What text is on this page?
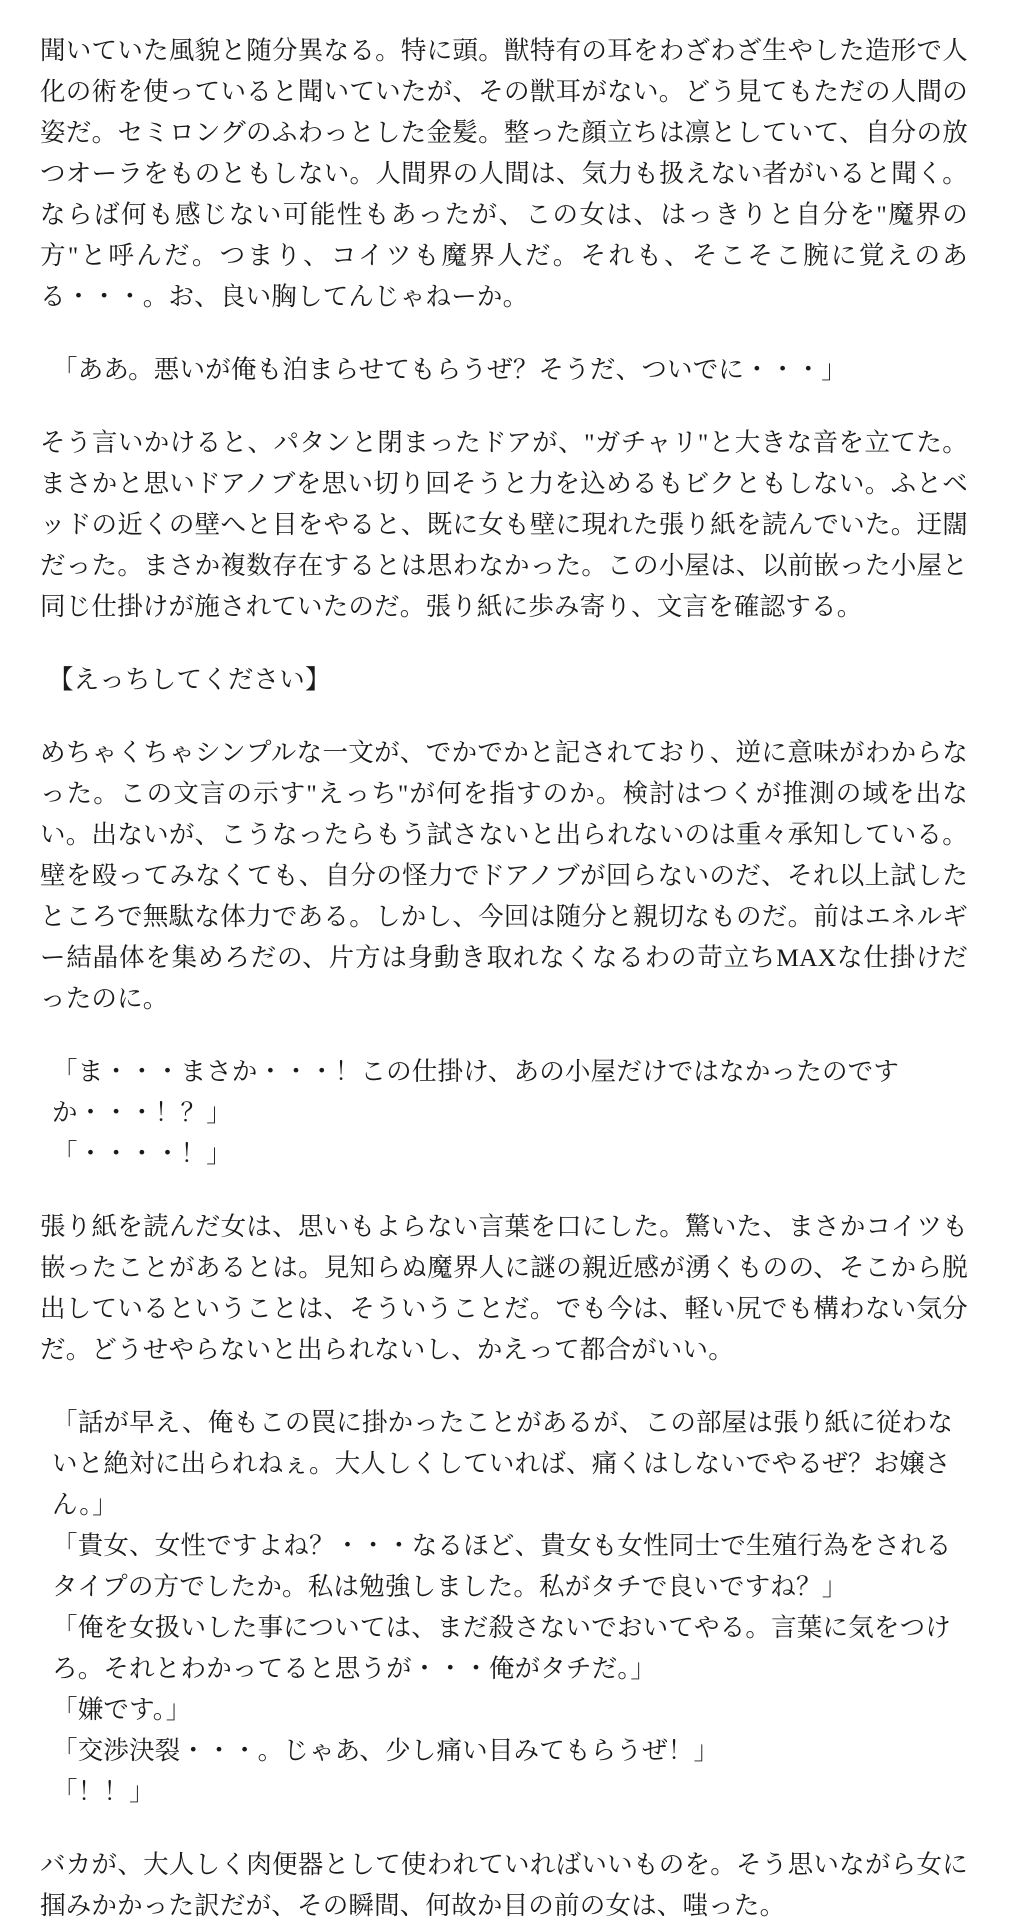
聞いていた風貌と随分異なる。特に頭。獣特有の耳をわざわざ生やした造形で人化の術を使っていると聞いていたが、その獣耳がない。どう見てもただの人間の姿だ。セミロングのふわっとした金髪。整った顔立ちは凛としていて、自分の放つオーラをものともしない。人間界の人間は、気力も扱えない者がいると聞く。ならば何も感じない可能性もあったが、この女は、はっきりと自分を"魔界の方"と呼んだ。つまり、コイツも魔界人だ。それも、そこそこ腕に覚えのある・・・。お、良い胸してんじゃねーか。

「ああ。悪いが俺も泊まらせてもらうぜ？そうだ、ついでに・・・」

そう言いかけると、パタンと閉まったドアが、"ガチャリ"と大きな音を立てた。まさかと思いドアノブを思い切り回そうと力を込めるもビクともしない。ふとベッドの近くの壁へと目をやると、既に女も壁に現れた張り紙を読んでいた。迂闊だった。まさか複数存在するとは思わなかった。この小屋は、以前嵌った小屋と同じ仕掛けが施されていたのだ。張り紙に歩み寄り、文言を確認する。

【えっちしてください】

めちゃくちゃシンプルな一文が、でかでかと記されており、逆に意味がわからなった。この文言の示す"えっち"が何を指すのか。検討はつくが推測の域を出ない。出ないが、こうなったらもう試さないと出られないのは重々承知している。壁を殴ってみなくても、自分の怪力でドアノブが回らないのだ、それ以上試したところで無駄な体力である。しかし、今回は随分と親切なものだ。前はエネルギー結晶体を集めろだの、片方は身動き取れなくなるわの苛立ちMAXな仕掛けだったのに。

「ま・・・まさか・・・！この仕掛け、あの小屋だけではなかったのですか・・・！？」
「・・・・！」

張り紙を読んだ女は、思いもよらない言葉を口にした。驚いた、まさかコイツも嵌ったことがあるとは。見知らぬ魔界人に謎の親近感が湧くものの、そこから脱出しているということは、そういうことだ。でも今は、軽い尻でも構わない気分だ。どうせやらないと出られないし、かえって都合がいい。

「話が早え、俺もこの罠に掛かったことがあるが、この部屋は張り紙に従わないと絶対に出られねぇ。大人しくしていれば、痛くはしないでやるぜ？お嬢さん。」
「貴女、女性ですよね？・・・なるほど、貴女も女性同士で生殖行為をされるタイプの方でしたか。私は勉強しました。私がタチで良いですね？」
「俺を女扱いした事については、まだ殺さないでおいてやる。言葉に気をつけろ。それとわかってると思うが・・・俺がタチだ。」
「嫌です。」
「交渉決裂・・・。じゃあ、少し痛い目みてもらうぜ！」
「！！」

バカが、大人しく肉便器として使われていればいいものを。そう思いながら女に掴みかかった訳だが、その瞬間、何故か目の前の女は、嗤った。
